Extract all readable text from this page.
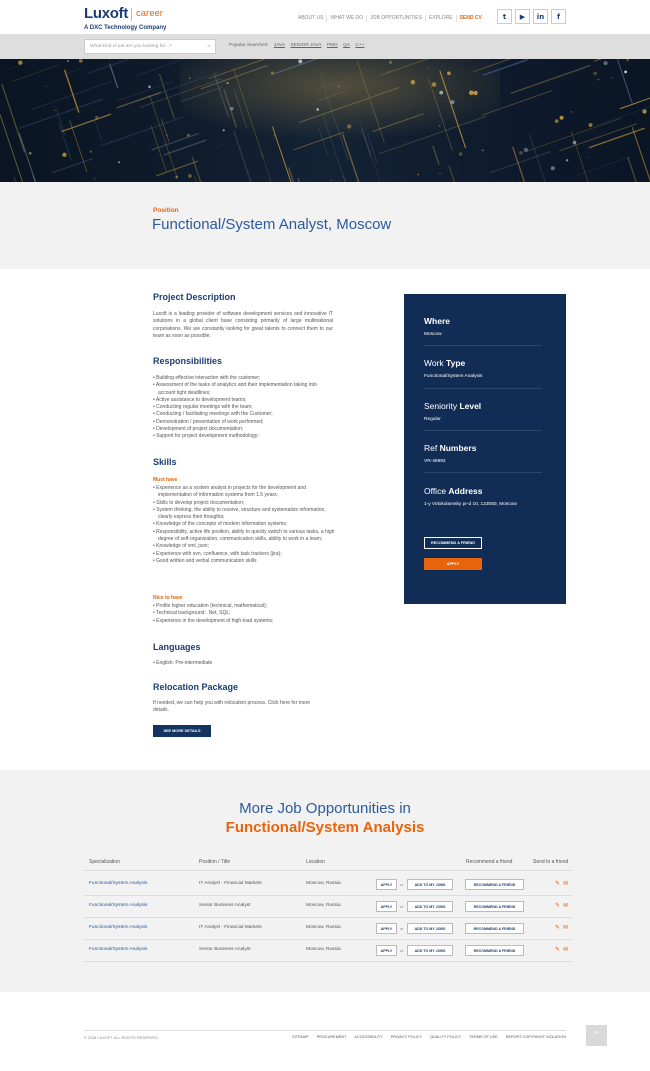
Luxoft career
A DXC Technology Company
ABOUT US	WHAT WE DO	JOB OPPORTUNITIES	EXPLORE	SEND CV	t	▶	in	f
What kind of job are you looking for...?	⌕	Popular Searches: JAVA SENIOR JAVA PMO QA C++
Position
Functional/System Analyst, Moscow
Project Description
Luxoft is a leading provider of software development services and innovative IT solutions in a global client base consisting primarily of large multinational corporations. We are constantly looking for great talents to connect them to our team as soon as possible.
Responsibilities
• Building effective interaction with the customer;
• Assessment of the tasks of analytics and their implementation taking into account tight deadlines;
• Active assistance to development teams;
• Conducting regular meetings with the team;
• Conducting / facilitating meetings with the Customer;
• Demonstration / presentation of work performed;
• Development of project documentation;
• Support for project development methodology;
Skills
Must have
• Experience as a system analyst in projects for the development and implementation of information systems from 1.5 years;
• Skills to develop project documentation;
• System thinking, the ability to receive, structure and systematize information, clearly express their thoughts;
• Knowledge of the concepts of modern information systems;
• Responsibility, active life position, ability to quickly switch to various tasks, a high degree of self-organization, communication skills, ability to work in a team;
• Knowledge of xml, json;
• Experience with svn, confluence, with task trackers (jira);
• Good written and verbal communication skills
Nice to have
• Profile higher education (technical, mathematical);
• Technical background: .Net, SQL;
• Experience in the development of high-load systems;
Languages
• English: Pre-intermediate
Relocation Package
If needed, we can help you with relocation process. Click here for more details.
SEE MORE DETAILS
Where
Moscow
Work Type
Functional/System Analysis
Seniority Level
Regular
Ref Numbers
VR-46992
Office Address
1-y Volokolamsky pr-d 10, 123060, Moscow
RECOMMEND A FRIEND
APPLY
More Job Opportunities in
Functional/System Analysis
Specialization	Position / Title	Location	Recommend a friend	Send to a friend
Functional/System Analysis	IT Analyst - Financial Markets	Moscow, Russia	APPLY	or	ADD TO MY JOBS	RECOMMEND A FRIEND	✎ ✉
Functional/System Analysis	Senior Business Analyst	Moscow, Russia	APPLY	or	ADD TO MY JOBS	RECOMMEND A FRIEND	✎ ✉
Functional/System Analysis	IT Analyst - Financial Markets	Moscow, Russia	APPLY	or	ADD TO MY JOBS	RECOMMEND A FRIEND	✎ ✉
Functional/System Analysis	Senior Business Analyst	Moscow, Russia	APPLY	or	ADD TO MY JOBS	RECOMMEND A FRIEND	✎ ✉
© 2018 LUXOFT. ALL RIGHTS RESERVED.	SITEMAP PROCUREMENT ACCESSIBILITY PRIVACY POLICY QUALITY POLICY TERMS OF USE REPORT COPYRIGHT VIOLATION	⌃
